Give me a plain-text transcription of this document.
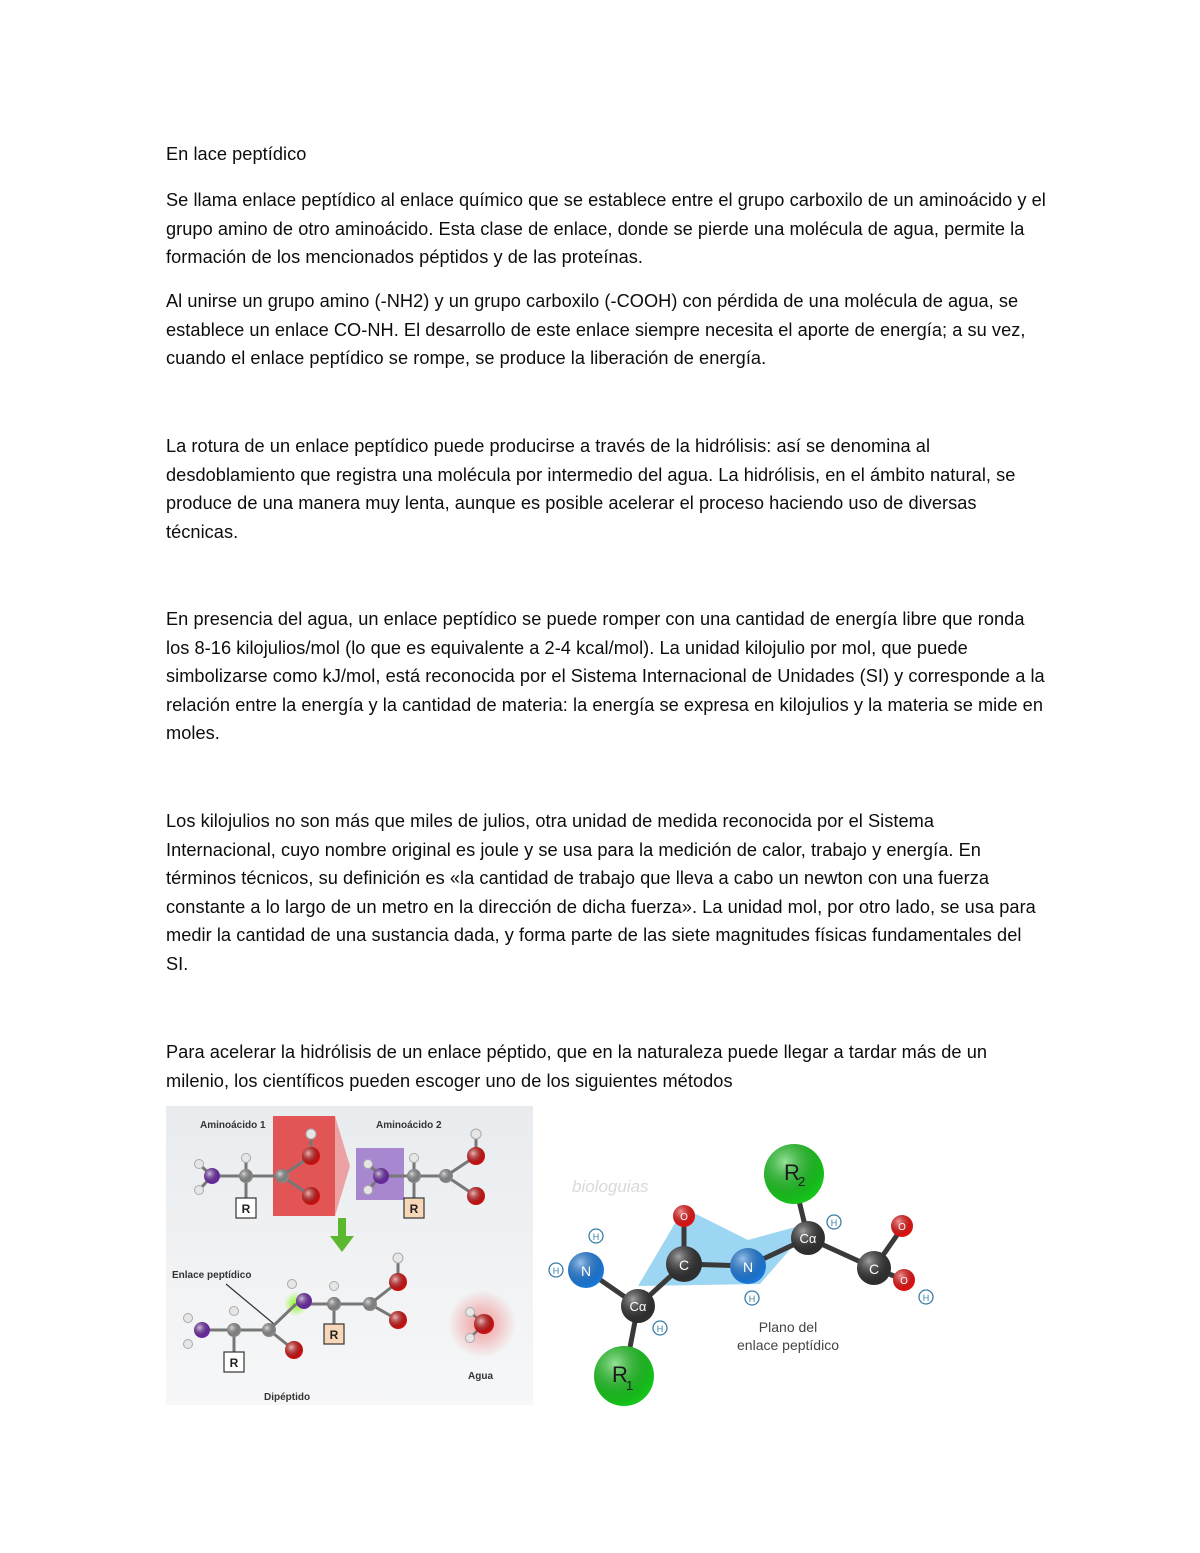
En lace peptídico

Se llama enlace peptídico al enlace químico que se establece entre el grupo carboxilo de un aminoácido y el grupo amino de otro aminoácido. Esta clase de enlace, donde se pierde una molécula de agua, permite la formación de los mencionados péptidos y de las proteínas.

Al unirse un grupo amino (-NH2) y un grupo carboxilo (-COOH) con pérdida de una molécula de agua, se establece un enlace CO-NH. El desarrollo de este enlace siempre necesita el aporte de energía; a su vez, cuando el enlace peptídico se rompe, se produce la liberación de energía.

La rotura de un enlace peptídico puede producirse a través de la hidrólisis: así se denomina al desdoblamiento que registra una molécula por intermedio del agua. La hidrólisis, en el ámbito natural, se produce de una manera muy lenta, aunque es posible acelerar el proceso haciendo uso de diversas técnicas.

En presencia del agua, un enlace peptídico se puede romper con una cantidad de energía libre que ronda los 8-16 kilojulios/mol (lo que es equivalente a 2-4 kcal/mol). La unidad kilojulio por mol, que puede simbolizarse como kJ/mol, está reconocida por el Sistema Internacional de Unidades (SI) y corresponde a la relación entre la energía y la cantidad de materia: la energía se expresa en kilojulios y la materia se mide en moles.

Los kilojulios no son más que miles de julios, otra unidad de medida reconocida por el Sistema Internacional, cuyo nombre original es joule y se usa para la medición de calor, trabajo y energía. En términos técnicos, su definición es «la cantidad de trabajo que lleva a cabo un newton con una fuerza constante a lo largo de un metro en la dirección de dicha fuerza». La unidad mol, por otro lado, se usa para medir la cantidad de una sustancia dada, y forma parte de las siete magnitudes físicas fundamentales del SI.

Para acelerar la hidrólisis de un enlace péptido, que en la naturaleza puede llegar a tardar más de un milenio, los científicos pueden escoger uno de los siguientes métodos

Aminoácido 1	Aminoácido 2
R	R
Enlace peptídico
R
R
Dipéptido
Agua
biologuias
R
2
R
1
N
Cα
C
O
N
Cα
C
O
O
H
H
H
H
H
H
Plano del
enlace peptídico
